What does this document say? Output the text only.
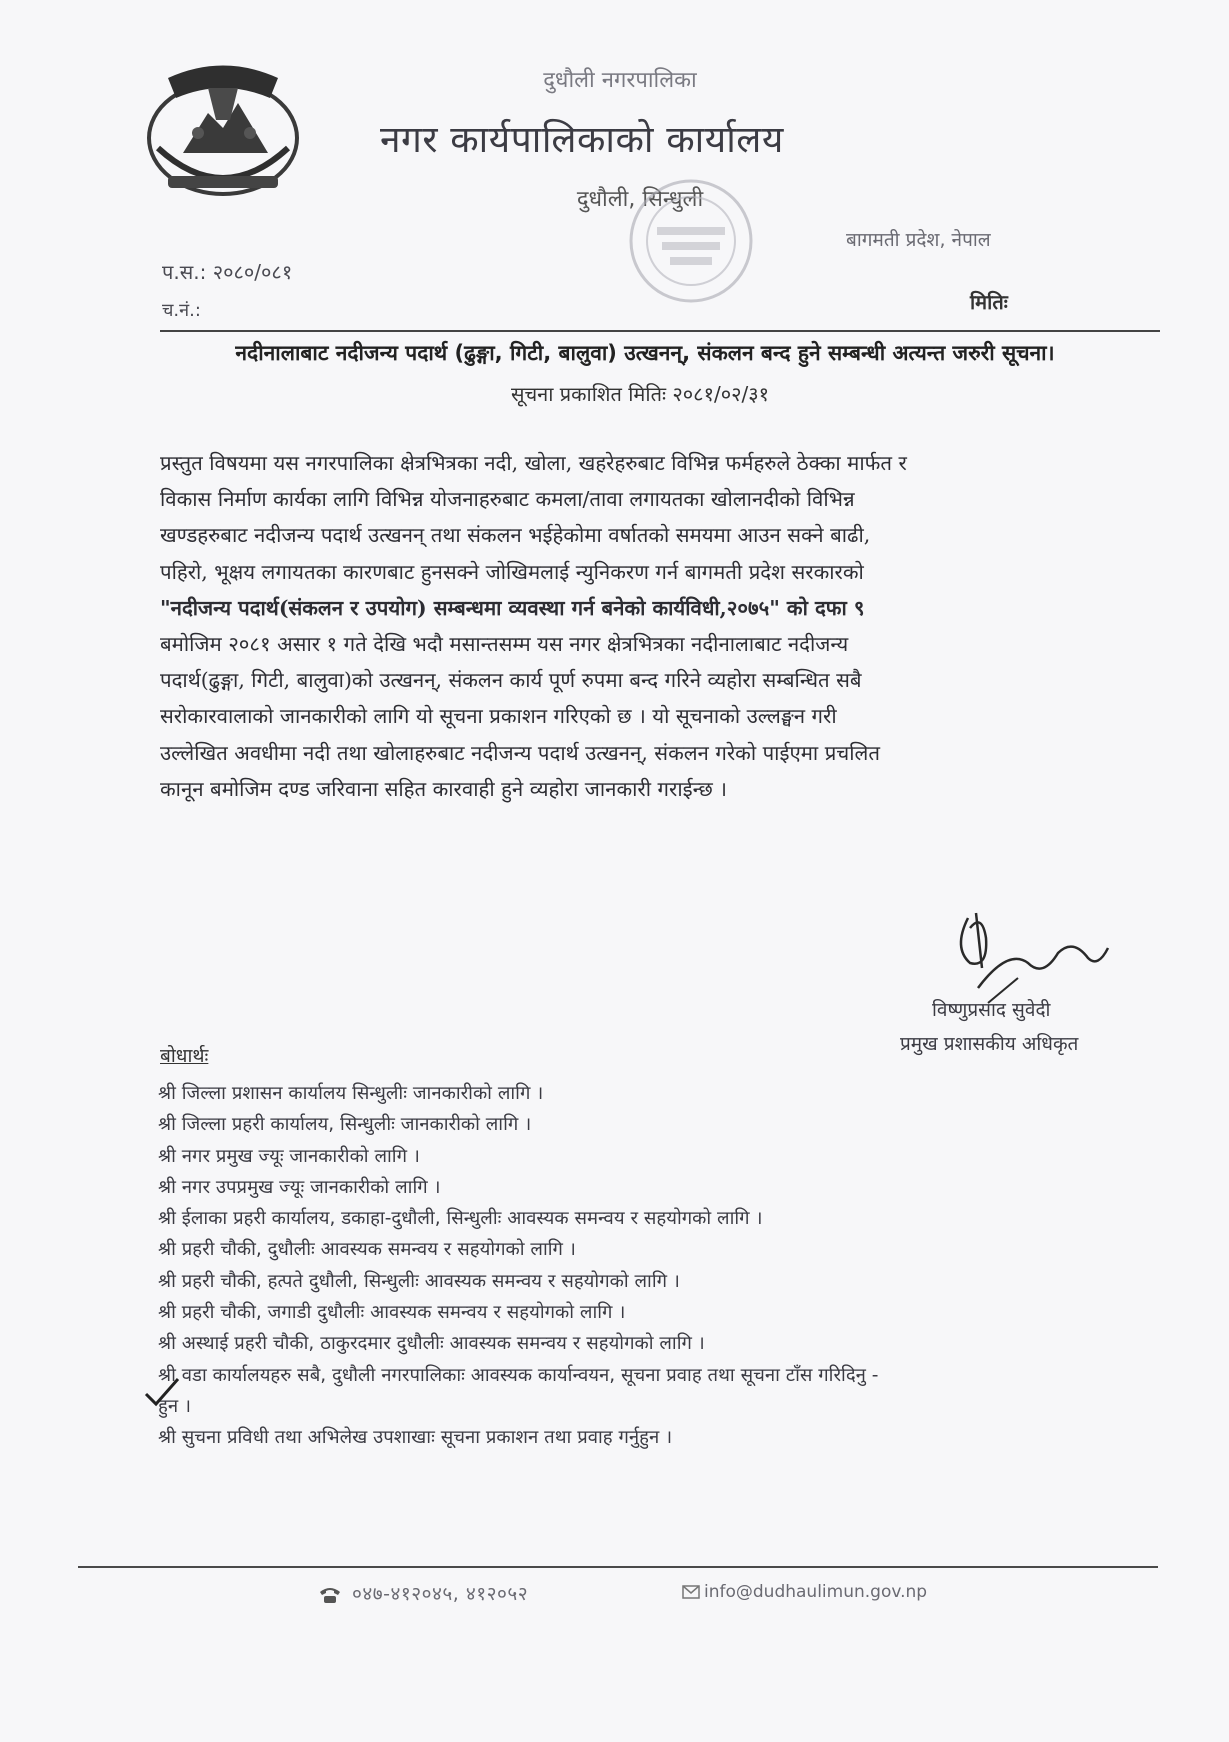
दुधौली नगरपालिका
नगर कार्यपालिकाको कार्यालय
दुधौली, सिन्धुली
बागमती प्रदेश, नेपाल
प.स.: २०८०/०८१
च.नं.:	मितिः
नदीनालाबाट नदीजन्य पदार्थ (ढुङ्गा, गिटी, बालुवा) उत्खनन्, संकलन बन्द हुने सम्बन्धी अत्यन्त जरुरी सूचना।
सूचना प्रकाशित मितिः २०८१/०२/३१
प्रस्तुत विषयमा यस नगरपालिका क्षेत्रभित्रका नदी, खोला, खहरेहरुबाट विभिन्न फर्महरुले ठेक्का मार्फत र
विकास निर्माण कार्यका लागि विभिन्न योजनाहरुबाट कमला/तावा लगायतका खोलानदीको विभिन्न
खण्डहरुबाट नदीजन्य पदार्थ उत्खनन् तथा संकलन भईहेकोमा वर्षातको समयमा आउन सक्ने बाढी,
पहिरो, भूक्षय लगायतका कारणबाट हुनसक्ने जोखिमलाई न्युनिकरण गर्न बागमती प्रदेश सरकारको
"नदीजन्य पदार्थ(संकलन र उपयोग) सम्बन्धमा व्यवस्था गर्न बनेको कार्यविधी,२०७५" को दफा ९
बमोजिम २०८१ असार १ गते देखि भदौ मसान्तसम्म यस नगर क्षेत्रभित्रका नदीनालाबाट नदीजन्य
पदार्थ(ढुङ्गा, गिटी, बालुवा)को उत्खनन्, संकलन कार्य पूर्ण रुपमा बन्द गरिने व्यहोरा सम्बन्धित सबै
सरोकारवालाको जानकारीको लागि यो सूचना प्रकाशन गरिएको छ । यो सूचनाको उल्लङ्घन गरी
उल्लेखित अवधीमा नदी तथा खोलाहरुबाट नदीजन्य पदार्थ उत्खनन्, संकलन गरेको पाईएमा प्रचलित
कानून बमोजिम दण्ड जरिवाना सहित कारवाही हुने व्यहोरा जानकारी गराईन्छ ।
विष्णुप्रसाद सुवेदी
प्रमुख प्रशासकीय अधिकृत
बोधार्थः
श्री जिल्ला प्रशासन कार्यालय सिन्धुलीः जानकारीको लागि ।
श्री जिल्ला प्रहरी कार्यालय, सिन्धुलीः जानकारीको लागि ।
श्री नगर प्रमुख ज्यूः जानकारीको लागि ।
श्री नगर उपप्रमुख ज्यूः जानकारीको लागि ।
श्री ईलाका प्रहरी कार्यालय, डकाहा-दुधौली, सिन्धुलीः आवस्यक समन्वय र सहयोगको लागि ।
श्री प्रहरी चौकी, दुधौलीः आवस्यक समन्वय र सहयोगको लागि ।
श्री प्रहरी चौकी, हत्पते दुधौली, सिन्धुलीः आवस्यक समन्वय र सहयोगको लागि ।
श्री प्रहरी चौकी, जगाडी दुधौलीः आवस्यक समन्वय र सहयोगको लागि ।
श्री अस्थाई प्रहरी चौकी, ठाकुरदमार दुधौलीः आवस्यक समन्वय र सहयोगको लागि ।
श्री वडा कार्यालयहरु सबै, दुधौली नगरपालिकाः आवस्यक कार्यान्वयन, सूचना प्रवाह तथा सूचना टाँस गरिदिनु -
हुन ।
श्री सुचना प्रविधी तथा अभिलेख उपशाखाः सूचना प्रकाशन तथा प्रवाह गर्नुहुन ।
०४७-४१२०४५, ४१२०५२	info@dudhaulimun.gov.np
